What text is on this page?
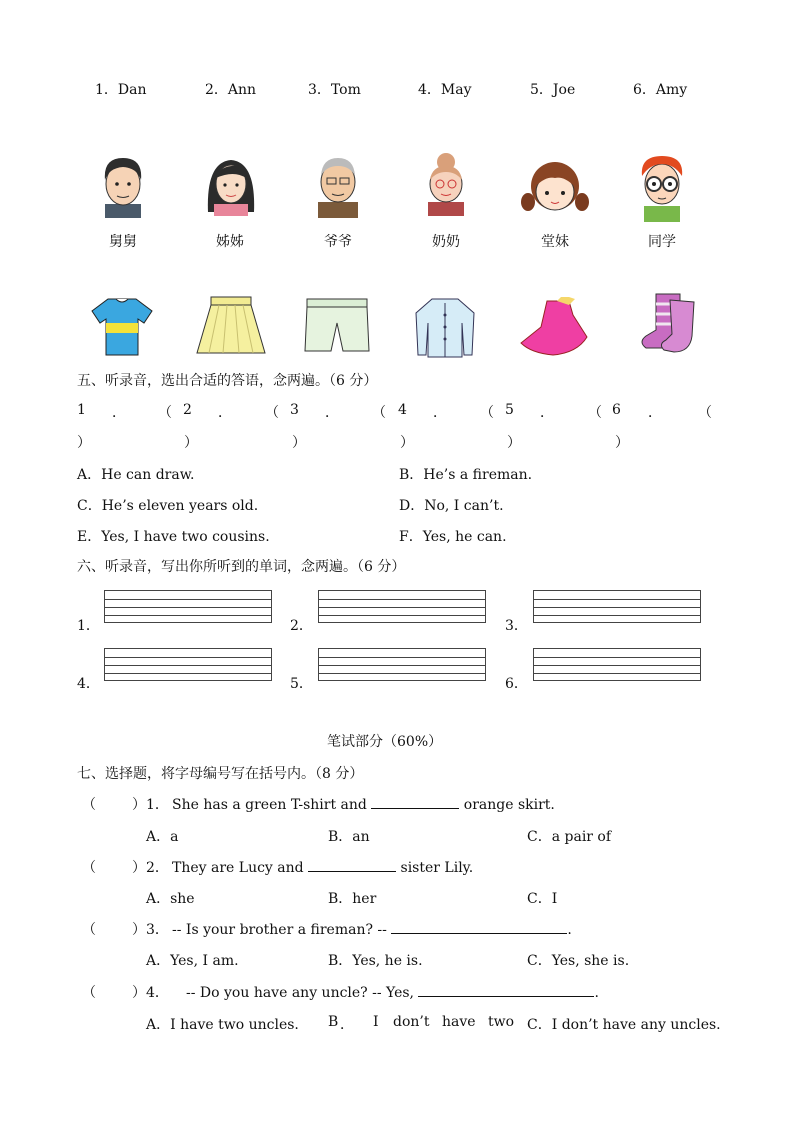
1．Dan	2．Ann	3．Tom	4．May	5．Joe	6．Amy
舅舅	姊姊	爷爷	奶奶	堂妹	同学
五、听录音，选出合适的答语，念两遍。（6 分）
1 ． （ 2 ． （ 3 ． （ 4 ． （ 5 ． （ 6 ．	（
）	）	）	）	）	）
A．He can draw.	B．He’s a fireman.
C．He’s eleven years old.	D．No, I can’t.
E．Yes, I have two cousins.	F．Yes, he can.
六、听录音，写出你所听到的单词，念两遍。（6 分）
1．	2．	3．
4．	5．	6．
笔试部分（60%）
七、选择题，将字母编号写在括号内。（8 分）
（	）1． She has a green T-shirt and	orange skirt.
A．a	B．an	C．a pair of
（	）2． They are Lucy and	sister Lily.
A．she	B．her	C．I
（	）3． -- Is your brother a fireman? --	.
A．Yes, I am.	B．Yes, he is.	C．Yes, she is.
（	）4． -- Do you have any uncle? -- Yes,	.
A．I have two uncles. B ． I don’t have two C．I don’t have any uncles.
